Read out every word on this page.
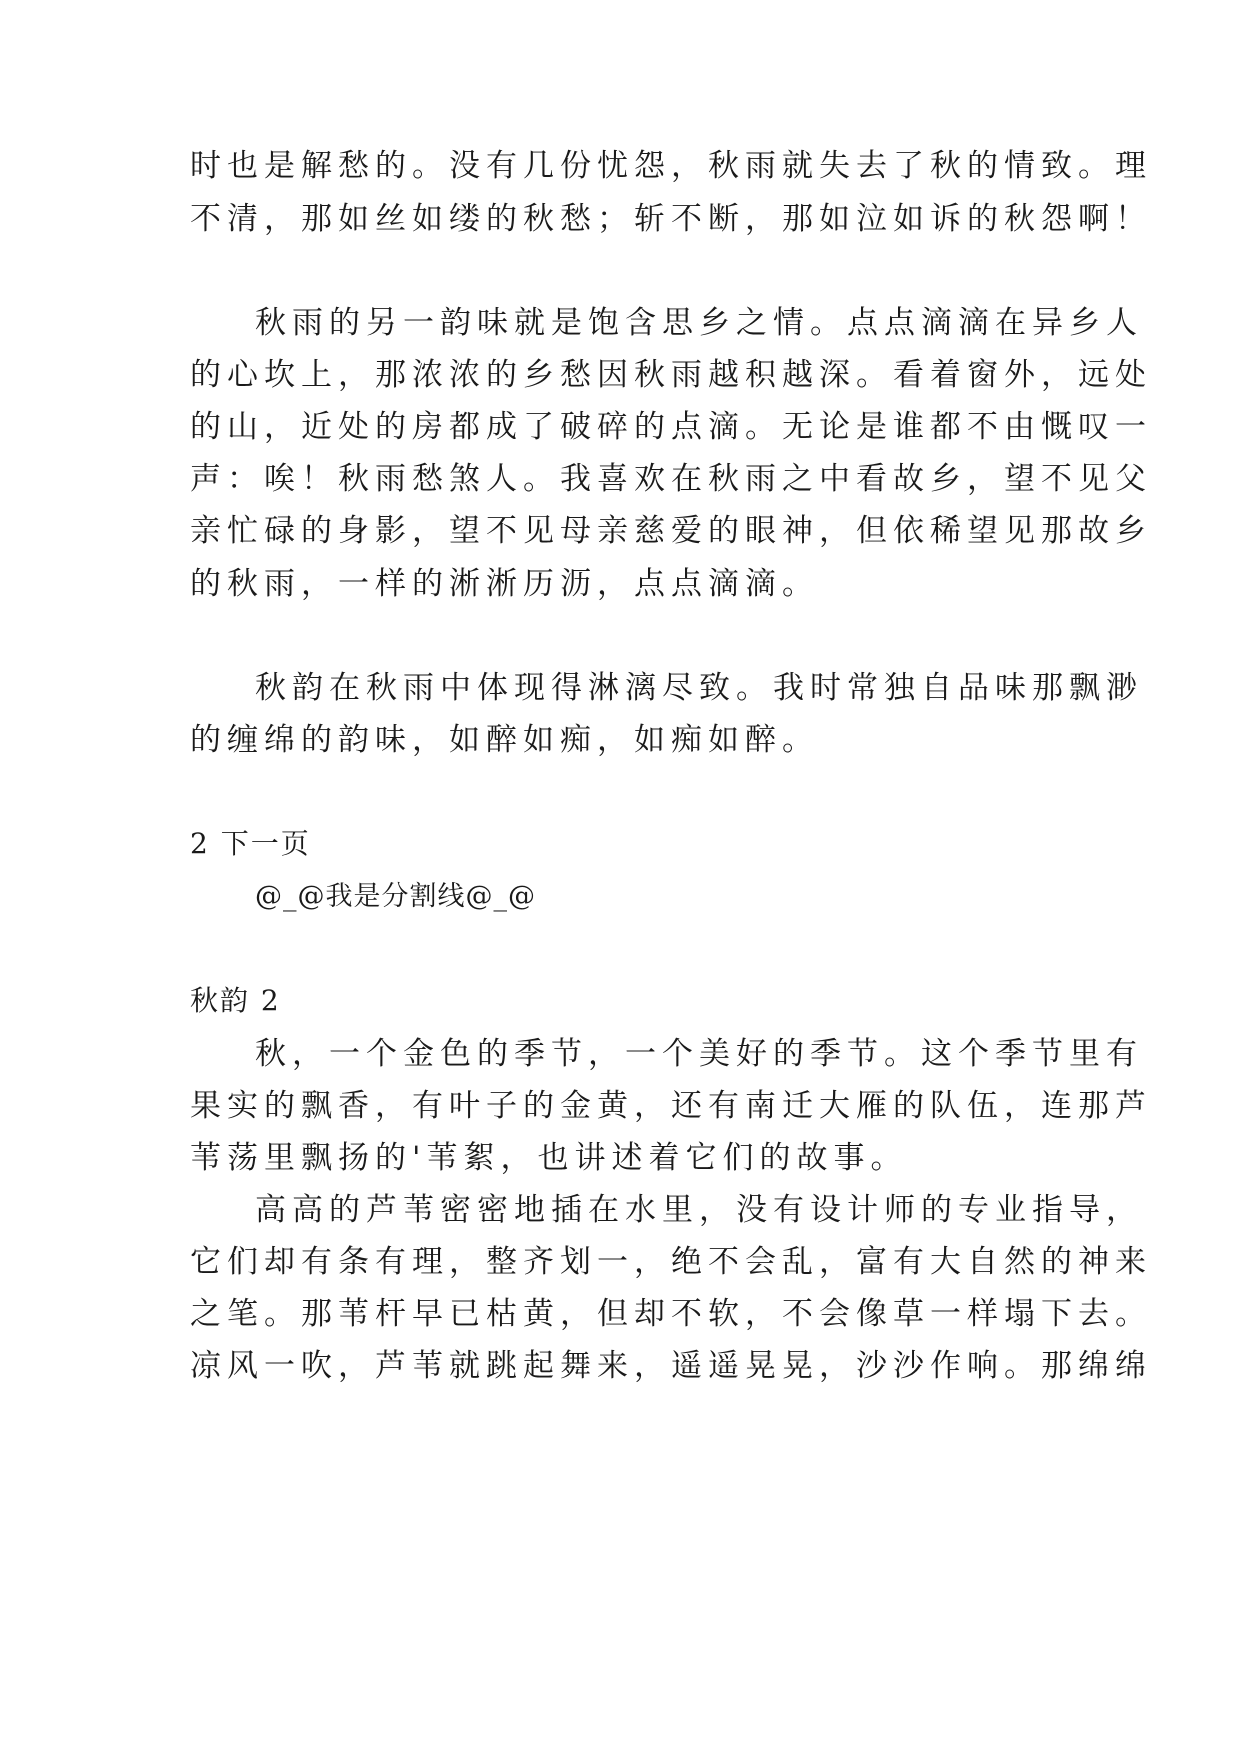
时也是解愁的。没有几份忧怨，秋雨就失去了秋的情致。理
不清，那如丝如缕的秋愁；斩不断，那如泣如诉的秋怨啊！
秋雨的另一韵味就是饱含思乡之情。点点滴滴在异乡人
的心坎上，那浓浓的乡愁因秋雨越积越深。看着窗外，远处
的山，近处的房都成了破碎的点滴。无论是谁都不由慨叹一
声：唉！秋雨愁煞人。我喜欢在秋雨之中看故乡，望不见父
亲忙碌的身影，望不见母亲慈爱的眼神，但依稀望见那故乡
的秋雨，一样的淅淅历沥，点点滴滴。
秋韵在秋雨中体现得淋漓尽致。我时常独自品味那飘渺
的缠绵的韵味，如醉如痴，如痴如醉。
2 下一页
@_@我是分割线@_@
秋韵 2
秋，一个金色的季节，一个美好的季节。这个季节里有
果实的飘香，有叶子的金黄，还有南迁大雁的队伍，连那芦
苇荡里飘扬的'苇絮，也讲述着它们的故事。
高高的芦苇密密地插在水里，没有设计师的专业指导，
它们却有条有理，整齐划一，绝不会乱，富有大自然的神来
之笔。那苇杆早已枯黄，但却不软，不会像草一样塌下去。
凉风一吹，芦苇就跳起舞来，遥遥晃晃，沙沙作响。那绵绵
